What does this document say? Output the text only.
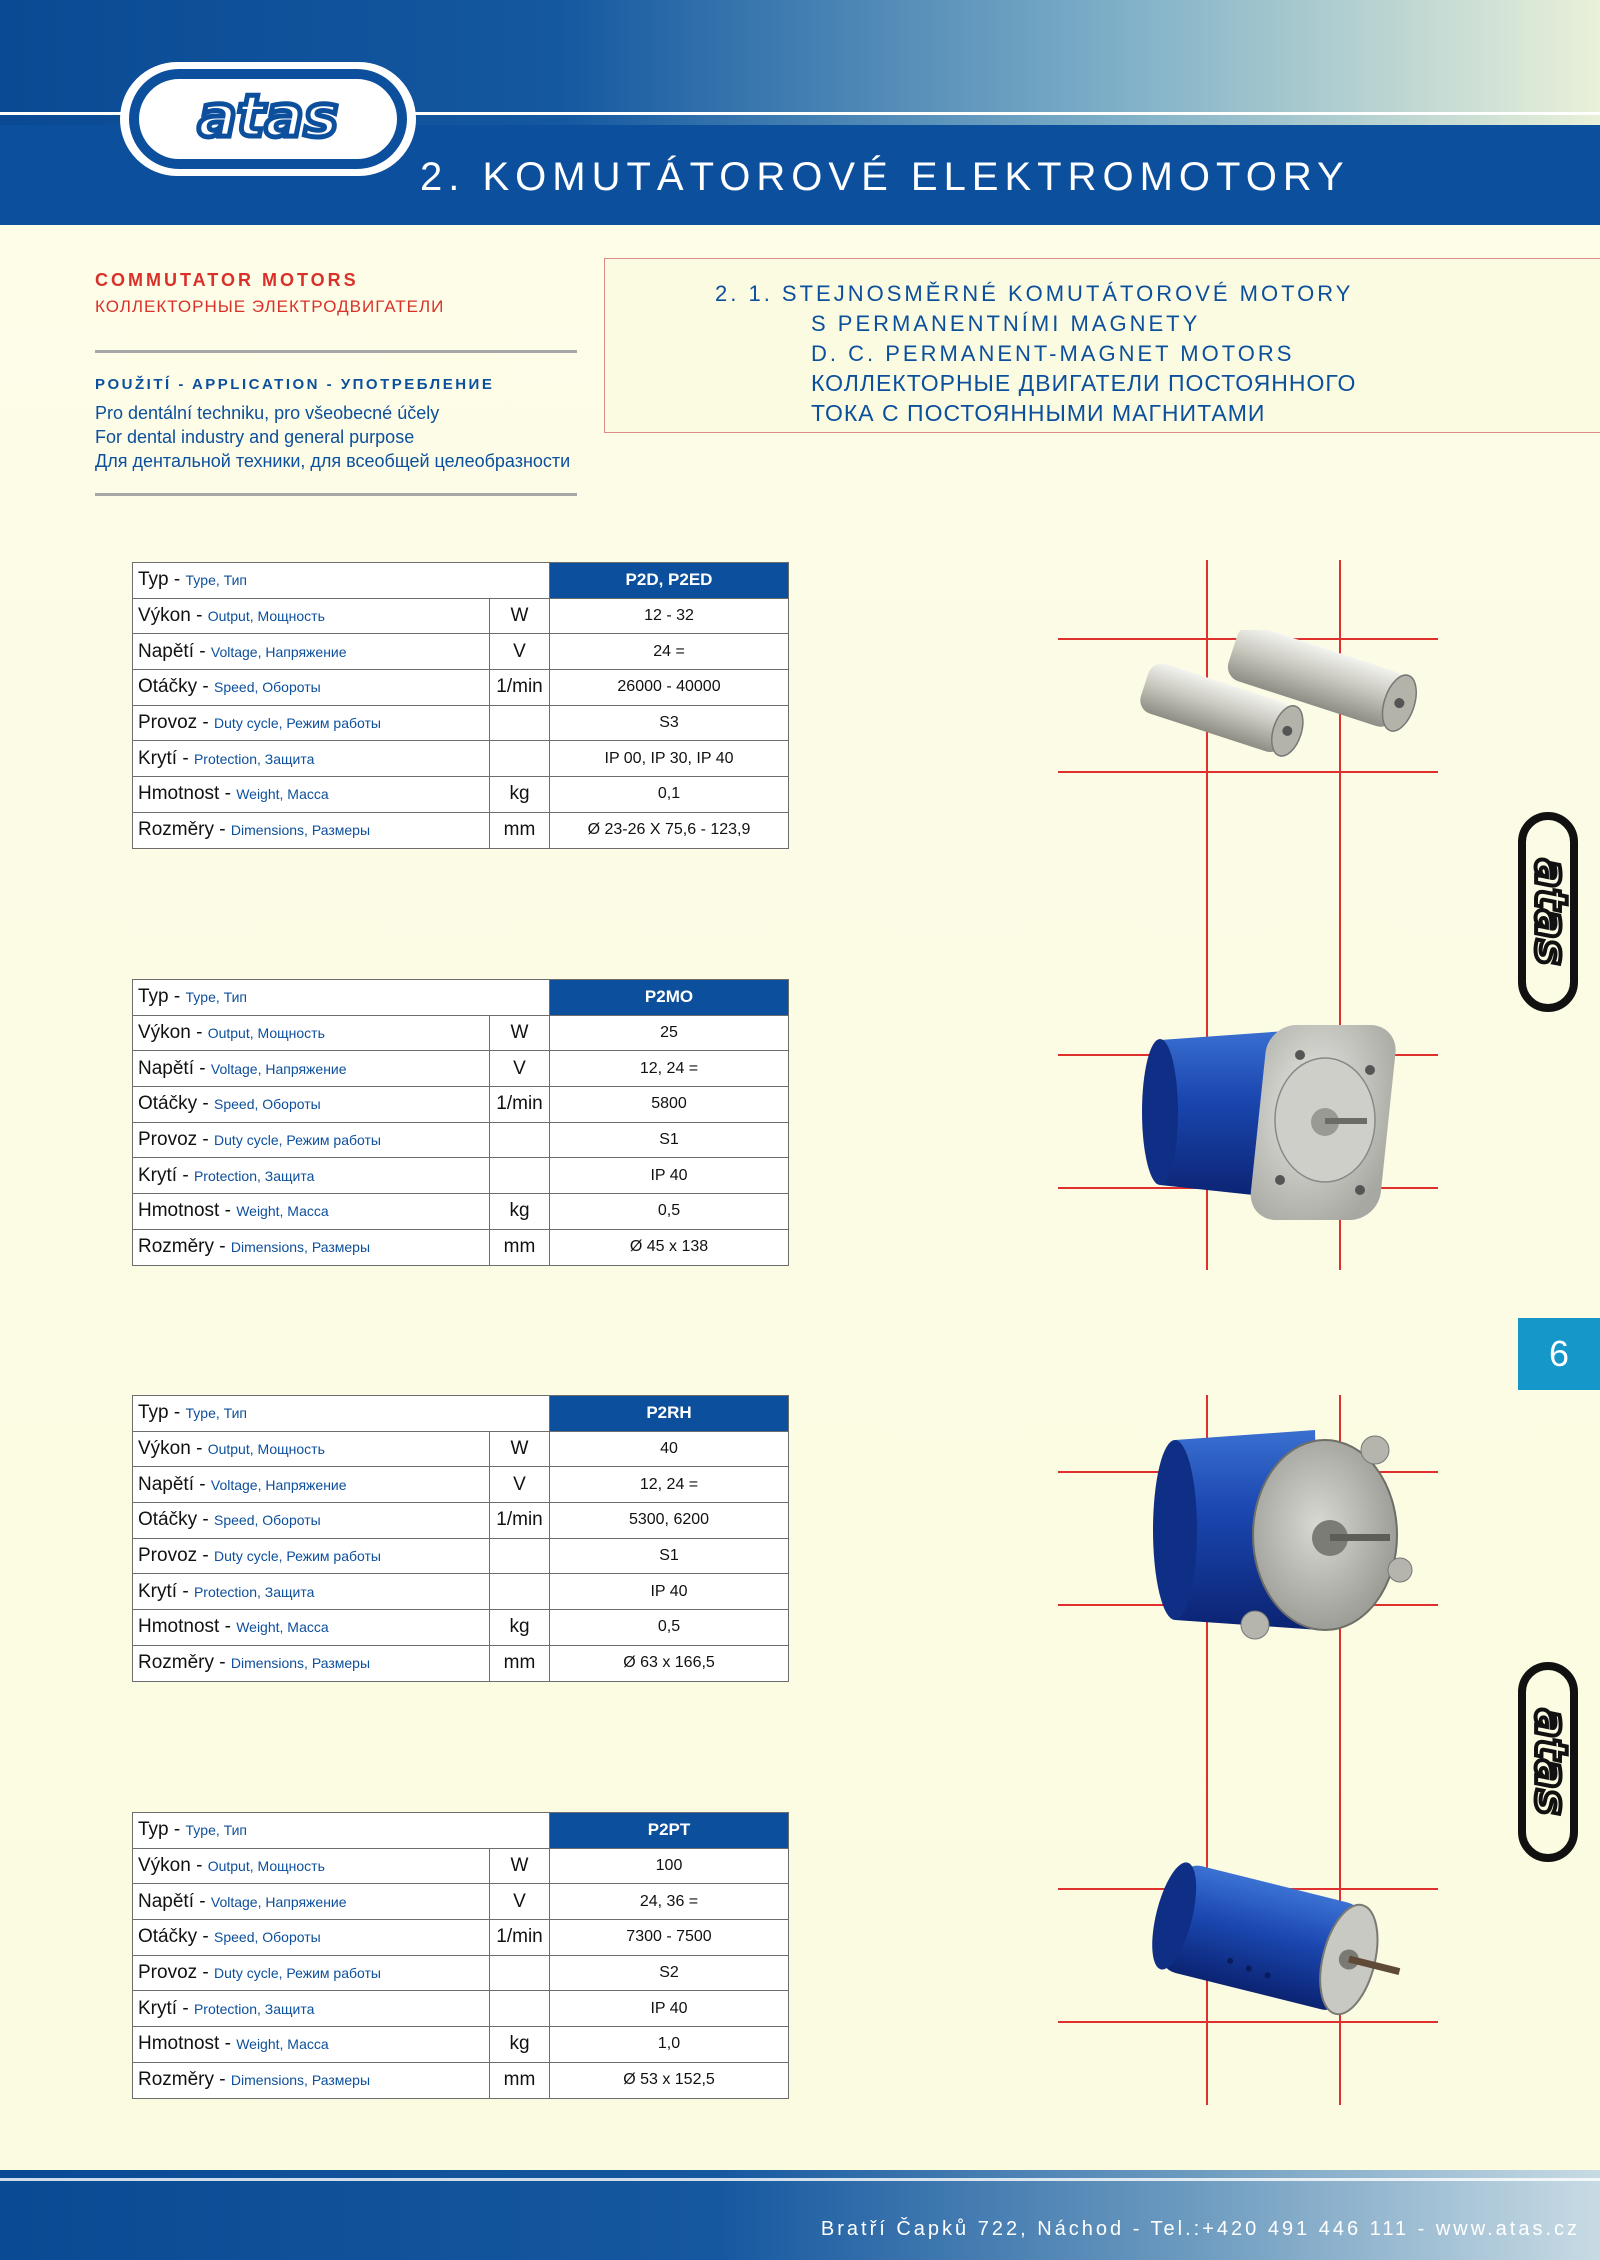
atas
2. KOMUTÁTOROVÉ ELEKTROMOTORY
COMMUTATOR MOTORS
КОЛЛЕКТОРНЫЕ ЭЛЕКТРОДВИГАТЕЛИ
POUŽITÍ - APPLICATION - УПОТРЕБЛЕНИЕ
Pro dentální techniku, pro všeobecné účely
For dental industry and general purpose
Для дентальной техники, для всеобщей целеобразности
2. 1. STEJNOSMĚRNÉ KOMUTÁTOROVÉ MOTORY
S PERMANENTNÍMI MAGNETY
D. C. PERMANENT-MAGNET MOTORS
КОЛЛЕКТОРНЫЕ ДВИГАТЕЛИ ПОСТОЯННОГО
ТОКА С ПОСТОЯННЫМИ МАГНИТАМИ
Typ - Type, Тип		P2D, P2ED
Výkon - Output, Мощность	W	12 - 32
Napětí - Voltage, Напряжение	V	24 =
Otáčky - Speed, Обороты	1/min	26000 - 40000
Provoz - Duty cycle, Режим работы		S3
Krytí - Protection, Защита		IP 00, IP 30, IP 40
Hmotnost - Weight, Масса	kg	0,1
Rozměry - Dimensions, Размеры	mm	Ø 23-26 X 75,6 - 123,9
Typ - Type, Тип		P2MO
Výkon - Output, Мощность	W	25
Napětí - Voltage, Напряжение	V	12, 24 =
Otáčky - Speed, Обороты	1/min	5800
Provoz - Duty cycle, Режим работы		S1
Krytí - Protection, Защита		IP 40
Hmotnost - Weight, Масса	kg	0,5
Rozměry - Dimensions, Размеры	mm	Ø 45 x 138
Typ - Type, Тип		P2RH
Výkon - Output, Мощность	W	40
Napětí - Voltage, Напряжение	V	12, 24 =
Otáčky - Speed, Обороты	1/min	5300, 6200
Provoz - Duty cycle, Режим работы		S1
Krytí - Protection, Защита		IP 40
Hmotnost - Weight, Масса	kg	0,5
Rozměry - Dimensions, Размеры	mm	Ø 63 x 166,5
Typ - Type, Тип		P2PT
Výkon - Output, Мощность	W	100
Napětí - Voltage, Напряжение	V	24, 36 =
Otáčky - Speed, Обороты	1/min	7300 - 7500
Provoz - Duty cycle, Режим работы		S2
Krytí - Protection, Защита		IP 40
Hmotnost - Weight, Масса	kg	1,0
Rozměry - Dimensions, Размеры	mm	Ø 53 x 152,5
atas
6
atas
Bratří Čapků 722, Náchod - Tel.:+420 491 446 111 - www.atas.cz
